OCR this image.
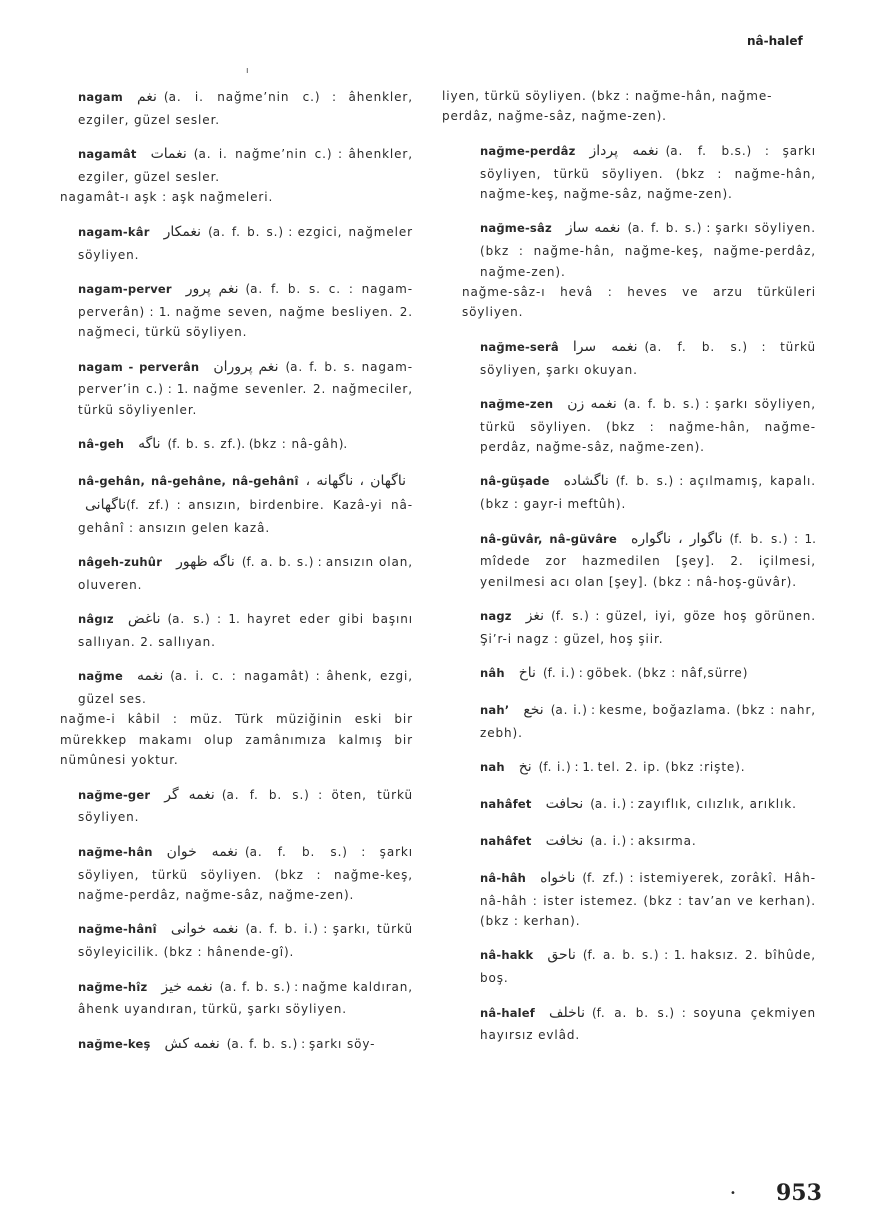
nâ-halef
ı
nagam نغم (a. i. nağme’nin c.) : âhenkler, ezgiler, güzel sesler.
nagamât نغمات (a. i. nağme’nin c.) : âhenkler, ezgiler, güzel sesler.
nagamât-ı aşk : aşk nağmeleri.
nagam-kâr نغمكار (a. f. b. s.) : ezgici, nağmeler söyliyen.
nagam-perver نغم پرور (a. f. b. s. c. : nagam-perverân) : 1. nağme seven, nağme besliyen. 2. nağmeci, türkü söyliyen.
nagam - perverân نغم پروران (a. f. b. s. nagam-perver’in c.) : 1. nağme sevenler. 2. nağmeciler, türkü söyliyenler.
nâ-geh ناگه (f. b. s. zf.). (bkz : nâ-gâh).
nâ-gehân, nâ-gehâne, nâ-gehânî ناگهان ، ناگهانه ، ناگهانى(f. zf.) : ansızın, birdenbire. Kazâ-yi nâ-gehânî : ansızın gelen kazâ.
nâgeh-zuhûr ناگه ظهور (f. a. b. s.) : ansızın olan, oluveren.
nâgız ناغض (a. s.) : 1. hayret eder gibi başını sallıyan. 2. sallıyan.
nağme نغمه (a. i. c. : nagamât) : âhenk, ezgi, güzel ses.
nağme-i kâbil : müz. Türk müziğinin eski bir mürekkep makamı olup zamânımıza kalmış bir nümûnesi yoktur.
nağme-ger نغمه گر (a. f. b. s.) : öten, türkü söyliyen.
nağme-hân نغمه خوان (a. f. b. s.) : şarkı söyliyen, türkü söyliyen. (bkz : nağme-keş, nağme-perdâz, nağme-sâz, nağme-zen).
nağme-hânî نغمه خوانى (a. f. b. i.) : şarkı, türkü söyleyicilik. (bkz : hânende-gî).
nağme-hîz نغمه خيز (a. f. b. s.) : nağme kaldıran, âhenk uyandıran, türkü, şarkı söyliyen.
nağme-keş نغمه كش (a. f. b. s.) : şarkı söy-
liyen, türkü söyliyen. (bkz : nağme-hân, nağme-perdâz, nağme-sâz, nağme-zen).
nağme-perdâz نغمه پرداز (a. f. b.s.) : şarkı söyliyen, türkü söyliyen. (bkz : nağme-hân, nağme-keş, nağme-sâz, nağme-zen).
nağme-sâz نغمه ساز (a. f. b. s.) : şarkı söyliyen. (bkz : nağme-hân, nağme-keş, nağme-perdâz, nağme-zen).
nağme-sâz-ı hevâ : heves ve arzu türküleri söyliyen.
nağme-serâ نغمه سرا (a. f. b. s.) : türkü söyliyen, şarkı okuyan.
nağme-zen نغمه زن (a. f. b. s.) : şarkı söyliyen, türkü söyliyen. (bkz : nağme-hân, nağme-perdâz, nağme-sâz, nağme-zen).
nâ-güşade ناگشاده (f. b. s.) : açılmamış, kapalı. (bkz : gayr-i meftûh).
nâ-güvâr, nâ-güvâre ناگوار ، ناگواره (f. b. s.) : 1. mîdede zor hazmedilen [şey]. 2. içilmesi, yenilmesi acı olan [şey]. (bkz : nâ-hoş-güvâr).
nagz نغز (f. s.) : güzel, iyi, göze hoş görünen. Şi’r-i nagz : güzel, hoş şiir.
nâh ناخ (f. i.) : göbek. (bkz : nâf,sürre)
nah’ نخع (a. i.) : kesme, boğazlama. (bkz : nahr, zebh).
nah نخ (f. i.) : 1. tel. 2. ip. (bkz :rişte).
nahâfet نحافت (a. i.) : zayıflık, cılızlık, arıklık.
nahâfet نخافت (a. i.) : aksırma.
nâ-hâh ناخواه (f. zf.) : istemiyerek, zorâkî. Hâh-nâ-hâh : ister istemez. (bkz : tav’an ve kerhan). (bkz : kerhan).
nâ-hakk ناحق (f. a. b. s.) : 1. haksız. 2. bîhûde, boş.
nâ-halef ناخلف (f. a. b. s.) : soyuna çekmiyen hayırsız evlâd.
• 953
